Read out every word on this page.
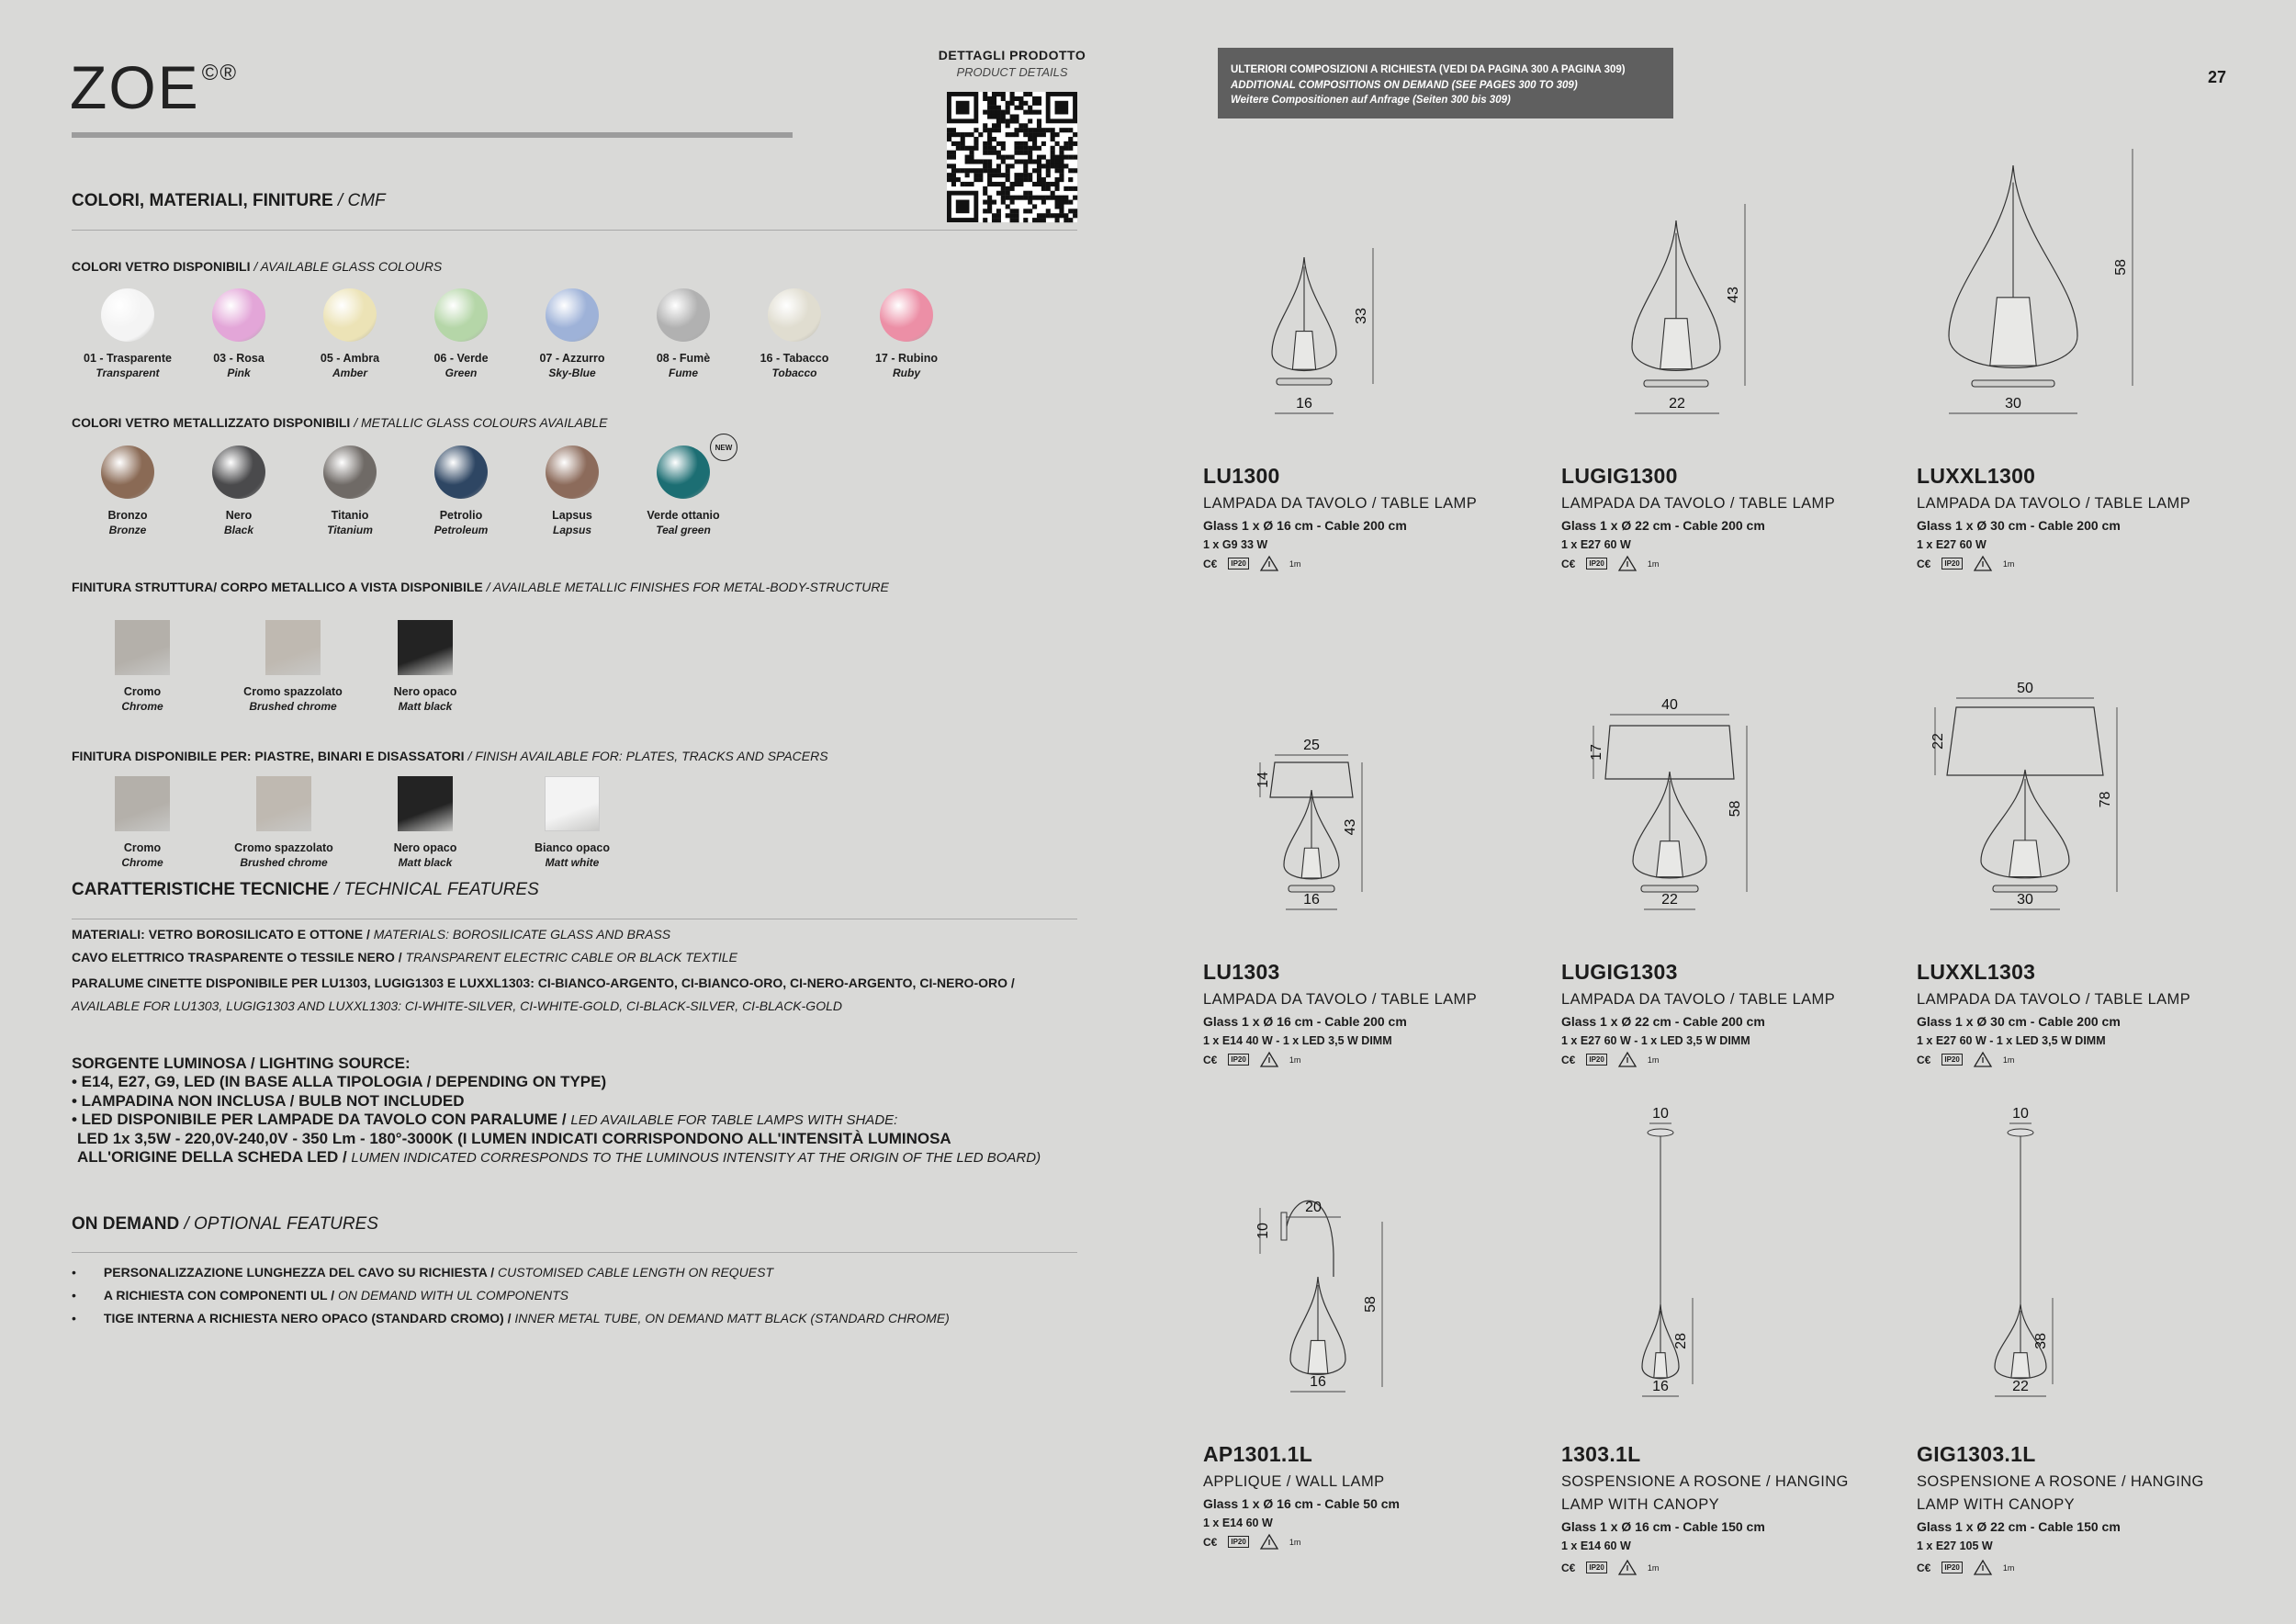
ZOE©®
DETTAGLI PRODOTTO
PRODUCT DETAILS
COLORI, MATERIALI, FINITURE / CMF
COLORI VETRO DISPONIBILI / AVAILABLE GLASS COLOURS
01 - Trasparente
Transparent
03 - Rosa
Pink
05 - Ambra
Amber
06 - Verde
Green
07 - Azzurro
Sky-Blue
08 - Fumè
Fume
16 - Tabacco
Tobacco
17 - Rubino
Ruby
COLORI VETRO METALLIZZATO DISPONIBILI / METALLIC GLASS COLOURS AVAILABLE
Bronzo
Bronze
Nero
Black
Titanio
Titanium
Petrolio
Petroleum
Lapsus
Lapsus
Verde ottanio
Teal green
NEW
FINITURA STRUTTURA/ CORPO METALLICO A VISTA DISPONIBILE / AVAILABLE METALLIC FINISHES FOR METAL-BODY-STRUCTURE
Cromo
Chrome
Cromo spazzolato
Brushed chrome
Nero opaco
Matt black
FINITURA DISPONIBILE PER: PIASTRE, BINARI E DISASSATORI / FINISH AVAILABLE FOR: PLATES, TRACKS AND SPACERS
Cromo
Chrome
Cromo spazzolato
Brushed chrome
Nero opaco
Matt black
Bianco opaco
Matt white
CARATTERISTICHE TECNICHE / TECHNICAL FEATURES
MATERIALI: VETRO BOROSILICATO E OTTONE / MATERIALS: BOROSILICATE GLASS AND BRASS
CAVO ELETTRICO TRASPARENTE O TESSILE NERO / TRANSPARENT ELECTRIC CABLE OR BLACK TEXTILE
PARALUME CINETTE DISPONIBILE PER LU1303, LUGIG1303 E LUXXL1303: CI-BIANCO-ARGENTO, CI-BIANCO-ORO, CI-NERO-ARGENTO, CI-NERO-ORO /
AVAILABLE FOR LU1303, LUGIG1303 AND LUXXL1303: CI-WHITE-SILVER, CI-WHITE-GOLD, CI-BLACK-SILVER, CI-BLACK-GOLD
SORGENTE LUMINOSA / LIGHTING SOURCE:
• E14, E27, G9, LED (IN BASE ALLA TIPOLOGIA / DEPENDING ON TYPE)
• LAMPADINA NON INCLUSA / BULB NOT INCLUDED
• LED DISPONIBILE PER LAMPADE DA TAVOLO CON PARALUME / LED AVAILABLE FOR TABLE LAMPS WITH SHADE:
LED 1x 3,5W - 220,0V-240,0V - 350 Lm - 180°-3000K (I LUMEN INDICATI CORRISPONDONO ALL'INTENSITÀ LUMINOSA
ALL'ORIGINE DELLA SCHEDA LED / LUMEN INDICATED CORRESPONDS TO THE LUMINOUS INTENSITY AT THE ORIGIN OF THE LED BOARD)
ON DEMAND / OPTIONAL FEATURES
• PERSONALIZZAZIONE LUNGHEZZA DEL CAVO SU RICHIESTA / CUSTOMISED CABLE LENGTH ON REQUEST
• A RICHIESTA CON COMPONENTI UL / ON DEMAND WITH UL COMPONENTS
• TIGE INTERNA A RICHIESTA NERO OPACO (STANDARD CROMO) / INNER METAL TUBE, ON DEMAND MATT BLACK (STANDARD CHROME)
ULTERIORI COMPOSIZIONI A RICHIESTA (VEDI DA PAGINA 300 A PAGINA 309)
ADDITIONAL COMPOSITIONS ON DEMAND (SEE PAGES 300 TO 309)
Weitere Compositionen auf Anfrage (Seiten 300 bis 309)
27
16
33
LU1300
LAMPADA DA TAVOLO / TABLE LAMP
Glass 1 x Ø 16 cm - Cable 200 cm
1 x G9 33 W
C€	IP20	1m
22
43
LUGIG1300
LAMPADA DA TAVOLO / TABLE LAMP
Glass 1 x Ø 22 cm - Cable 200 cm
1 x E27 60 W
C€	IP20	1m
30
58
LUXXL1300
LAMPADA DA TAVOLO / TABLE LAMP
Glass 1 x Ø 30 cm - Cable 200 cm
1 x E27 60 W
C€	IP20	1m
25
14
43
16
LU1303
LAMPADA DA TAVOLO / TABLE LAMP
Glass 1 x Ø 16 cm - Cable 200 cm
1 x E14 40 W - 1 x LED 3,5 W DIMM
C€	IP20	1m
40
17
58
22
LUGIG1303
LAMPADA DA TAVOLO / TABLE LAMP
Glass 1 x Ø 22 cm - Cable 200 cm
1 x E27 60 W - 1 x LED 3,5 W DIMM
C€	IP20	1m
50
22
78
30
LUXXL1303
LAMPADA DA TAVOLO / TABLE LAMP
Glass 1 x Ø 30 cm - Cable 200 cm
1 x E27 60 W - 1 x LED 3,5 W DIMM
C€	IP20	1m
20
10
58
16
AP1301.1L
APPLIQUE / WALL LAMP
Glass 1 x Ø 16 cm - Cable 50 cm
1 x E14 60 W
C€	IP20	1m
10
28
16
1303.1L
SOSPENSIONE A ROSONE / HANGING
LAMP WITH CANOPY
Glass 1 x Ø 16 cm - Cable 150 cm
1 x E14 60 W
C€	IP20	1m
10
38
22
GIG1303.1L
SOSPENSIONE A ROSONE / HANGING
LAMP WITH CANOPY
Glass 1 x Ø 22 cm - Cable 150 cm
1 x E27 105 W
C€	IP20	1m
